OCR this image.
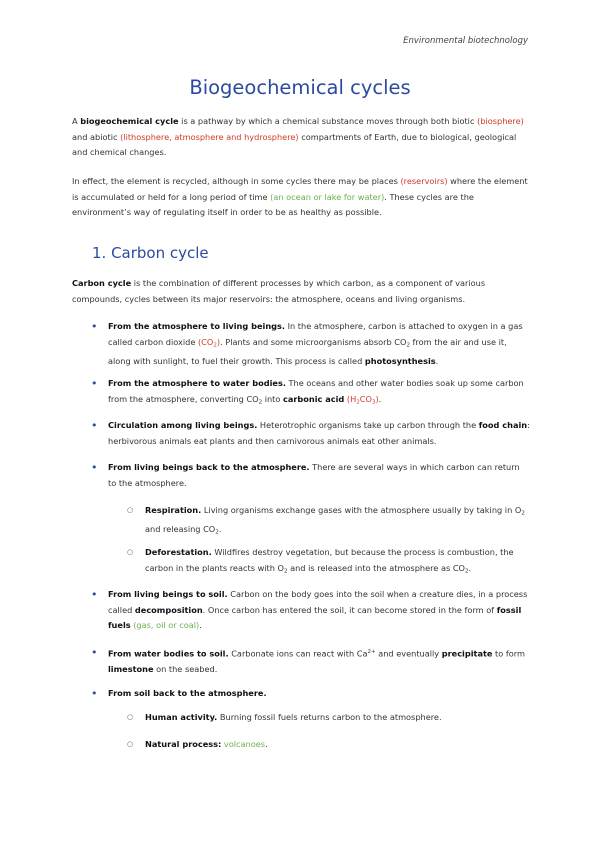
Environmental biotechnology
Biogeochemical cycles

A biogeochemical cycle is a pathway by which a chemical substance moves through both biotic (biosphere) and abiotic (lithosphere, atmosphere and hydrosphere) compartments of Earth, due to biological, geological and chemical changes.

In effect, the element is recycled, although in some cycles there may be places (reservoirs) where the element is accumulated or held for a long period of time (an ocean or lake for water). These cycles are the environment’s way of regulating itself in order to be as healthy as possible.

1. Carbon cycle

Carbon cycle is the combination of different processes by which carbon, as a component of various compounds, cycles between its major reservoirs: the atmosphere, oceans and living organisms.

• From the atmosphere to living beings. In the atmosphere, carbon is attached to oxygen in a gas called carbon dioxide $(CO_2)$. Plants and some microorganisms absorb $CO_2$ from the air and use it, along with sunlight, to fuel their growth. This process is called photosynthesis.
• From the atmosphere to water bodies. The oceans and other water bodies soak up some carbon from the atmosphere, converting $CO_2$ into carbonic acid $(H_2CO_3)$.
• Circulation among living beings. Heterotrophic organisms take up carbon through the food chain: herbivorous animals eat plants and then carnivorous animals eat other animals.
• From living beings back to the atmosphere. There are several ways in which carbon can return to the atmosphere.
○ Respiration. Living organisms exchange gases with the atmosphere usually by taking in $O_2$ and releasing $CO_2$.
○ Deforestation. Wildfires destroy vegetation, but because the process is combustion, the carbon in the plants reacts with $O_2$ and is released into the atmosphere as $CO_2$.
• From living beings to soil. Carbon on the body goes into the soil when a creature dies, in a process called decomposition. Once carbon has entered the soil, it can become stored in the form of fossil fuels (gas, oil or coal).
• From water bodies to soil. Carbonate ions can react with $Ca^{2+}$ and eventually precipitate to form limestone on the seabed.
• From soil back to the atmosphere.
○ Human activity. Burning fossil fuels returns carbon to the atmosphere.
○ Natural process: volcanoes.
